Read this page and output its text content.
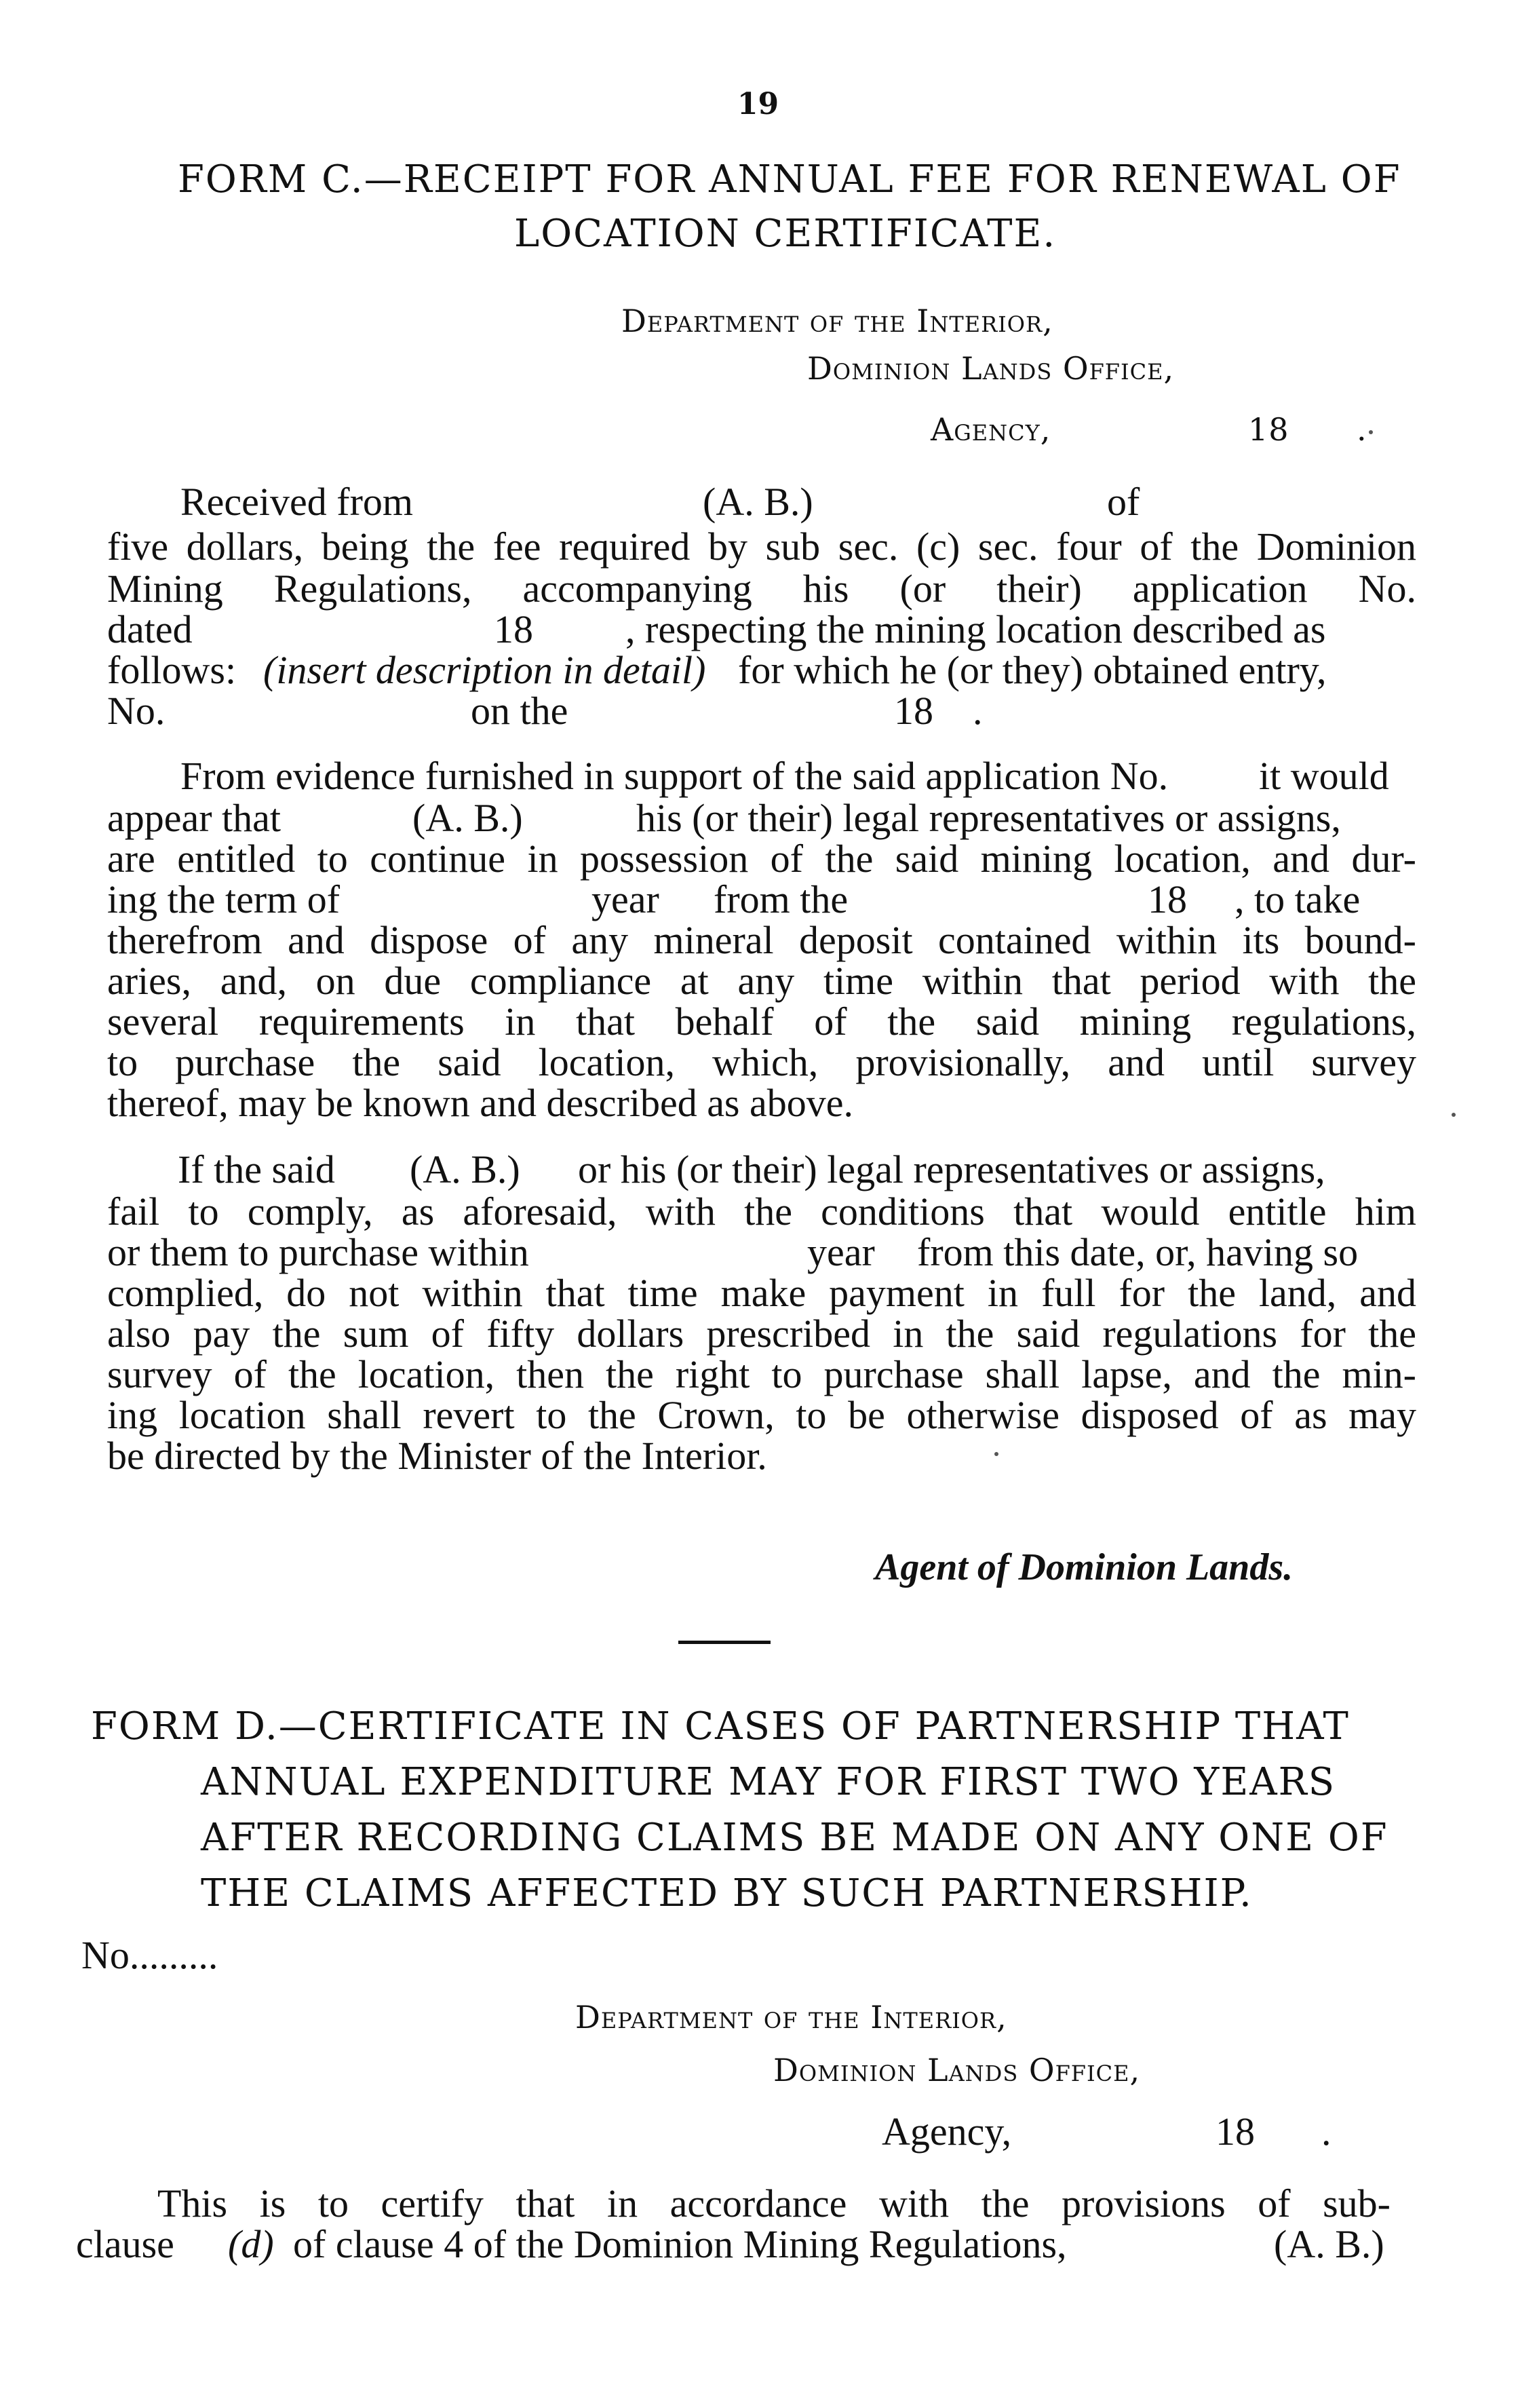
19
FORM C.—RECEIPT FOR ANNUAL FEE FOR RENEWAL OF
LOCATION CERTIFICATE.
Department of the Interior,
Dominion Lands Office,
Agency,	18 .
Received from	(A. B.)	of
five dollars, being the fee required by sub sec. (c) sec. four of the Dominion
Mining Regulations, accompanying his (or their) application No.
dated	18 , respecting the mining location described as
follows: (insert description in detail) for which he (or they) obtained entry,
No.	on the	18 .
From evidence furnished in support of the said application No. it would
appear that	(A. B.)	his (or their) legal representatives or assigns,
are entitled to continue in possession of the said mining location, and dur-
ing the term of	year from the	18 , to take
therefrom and dispose of any mineral deposit contained within its bound-
aries, and, on due compliance at any time within that period with the
several requirements in that behalf of the said mining regulations,
to purchase the said location, which, provisionally, and until survey
thereof, may be known and described as above.
If the said (A. B.) or his (or their) legal representatives or assigns,
fail to comply, as aforesaid, with the conditions that would entitle him
or them to purchase within	year from this date, or, having so
complied, do not within that time make payment in full for the land, and
also pay the sum of fifty dollars prescribed in the said regulations for the
survey of the location, then the right to purchase shall lapse, and the min-
ing location shall revert to the Crown, to be otherwise disposed of as may
be directed by the Minister of the Interior.
Agent of Dominion Lands.
FORM D.—CERTIFICATE IN CASES OF PARTNERSHIP THAT
ANNUAL EXPENDITURE MAY FOR FIRST TWO YEARS
AFTER RECORDING CLAIMS BE MADE ON ANY ONE OF
THE CLAIMS AFFECTED BY SUCH PARTNERSHIP.
No.........
Department of the Interior,
Dominion Lands Office,
Agency,	18 .
This is to certify that in accordance with the provisions of sub-
clause (d) of clause 4 of the Dominion Mining Regulations,	(A. B.)
